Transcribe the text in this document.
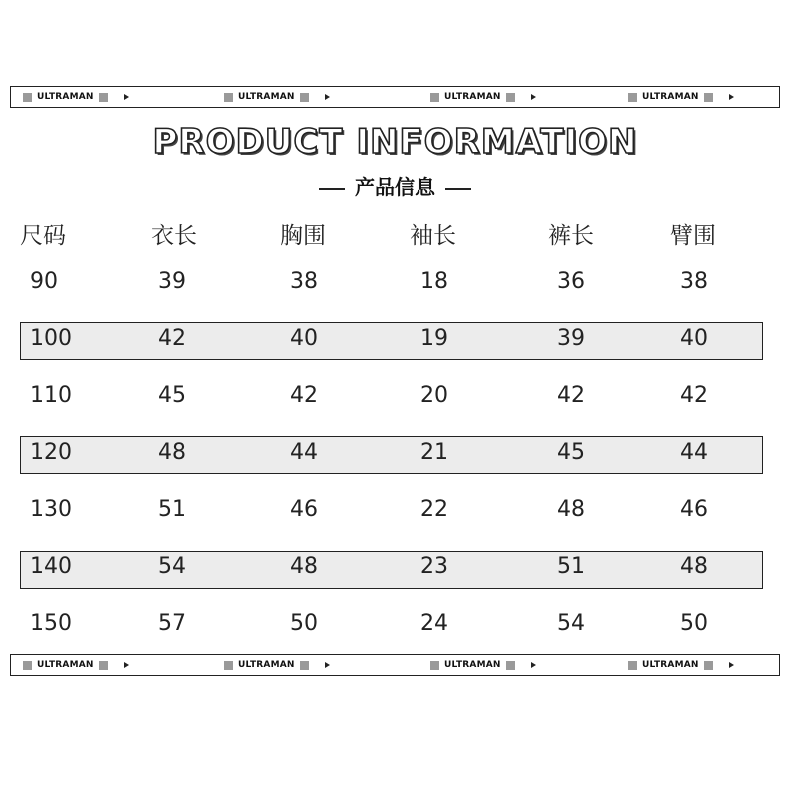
ULTRAMAN	ULTRAMAN	ULTRAMAN	ULTRAMAN
PRODUCT INFORMATION
产品信息
尺码	衣长	胸围	袖长	裤长	臂围
90	39	38	18	36	38
100	42	40	19	39	40
110	45	42	20	42	42
120	48	44	21	45	44
130	51	46	22	48	46
140	54	48	23	51	48
150	57	50	24	54	50
ULTRAMAN	ULTRAMAN	ULTRAMAN	ULTRAMAN
